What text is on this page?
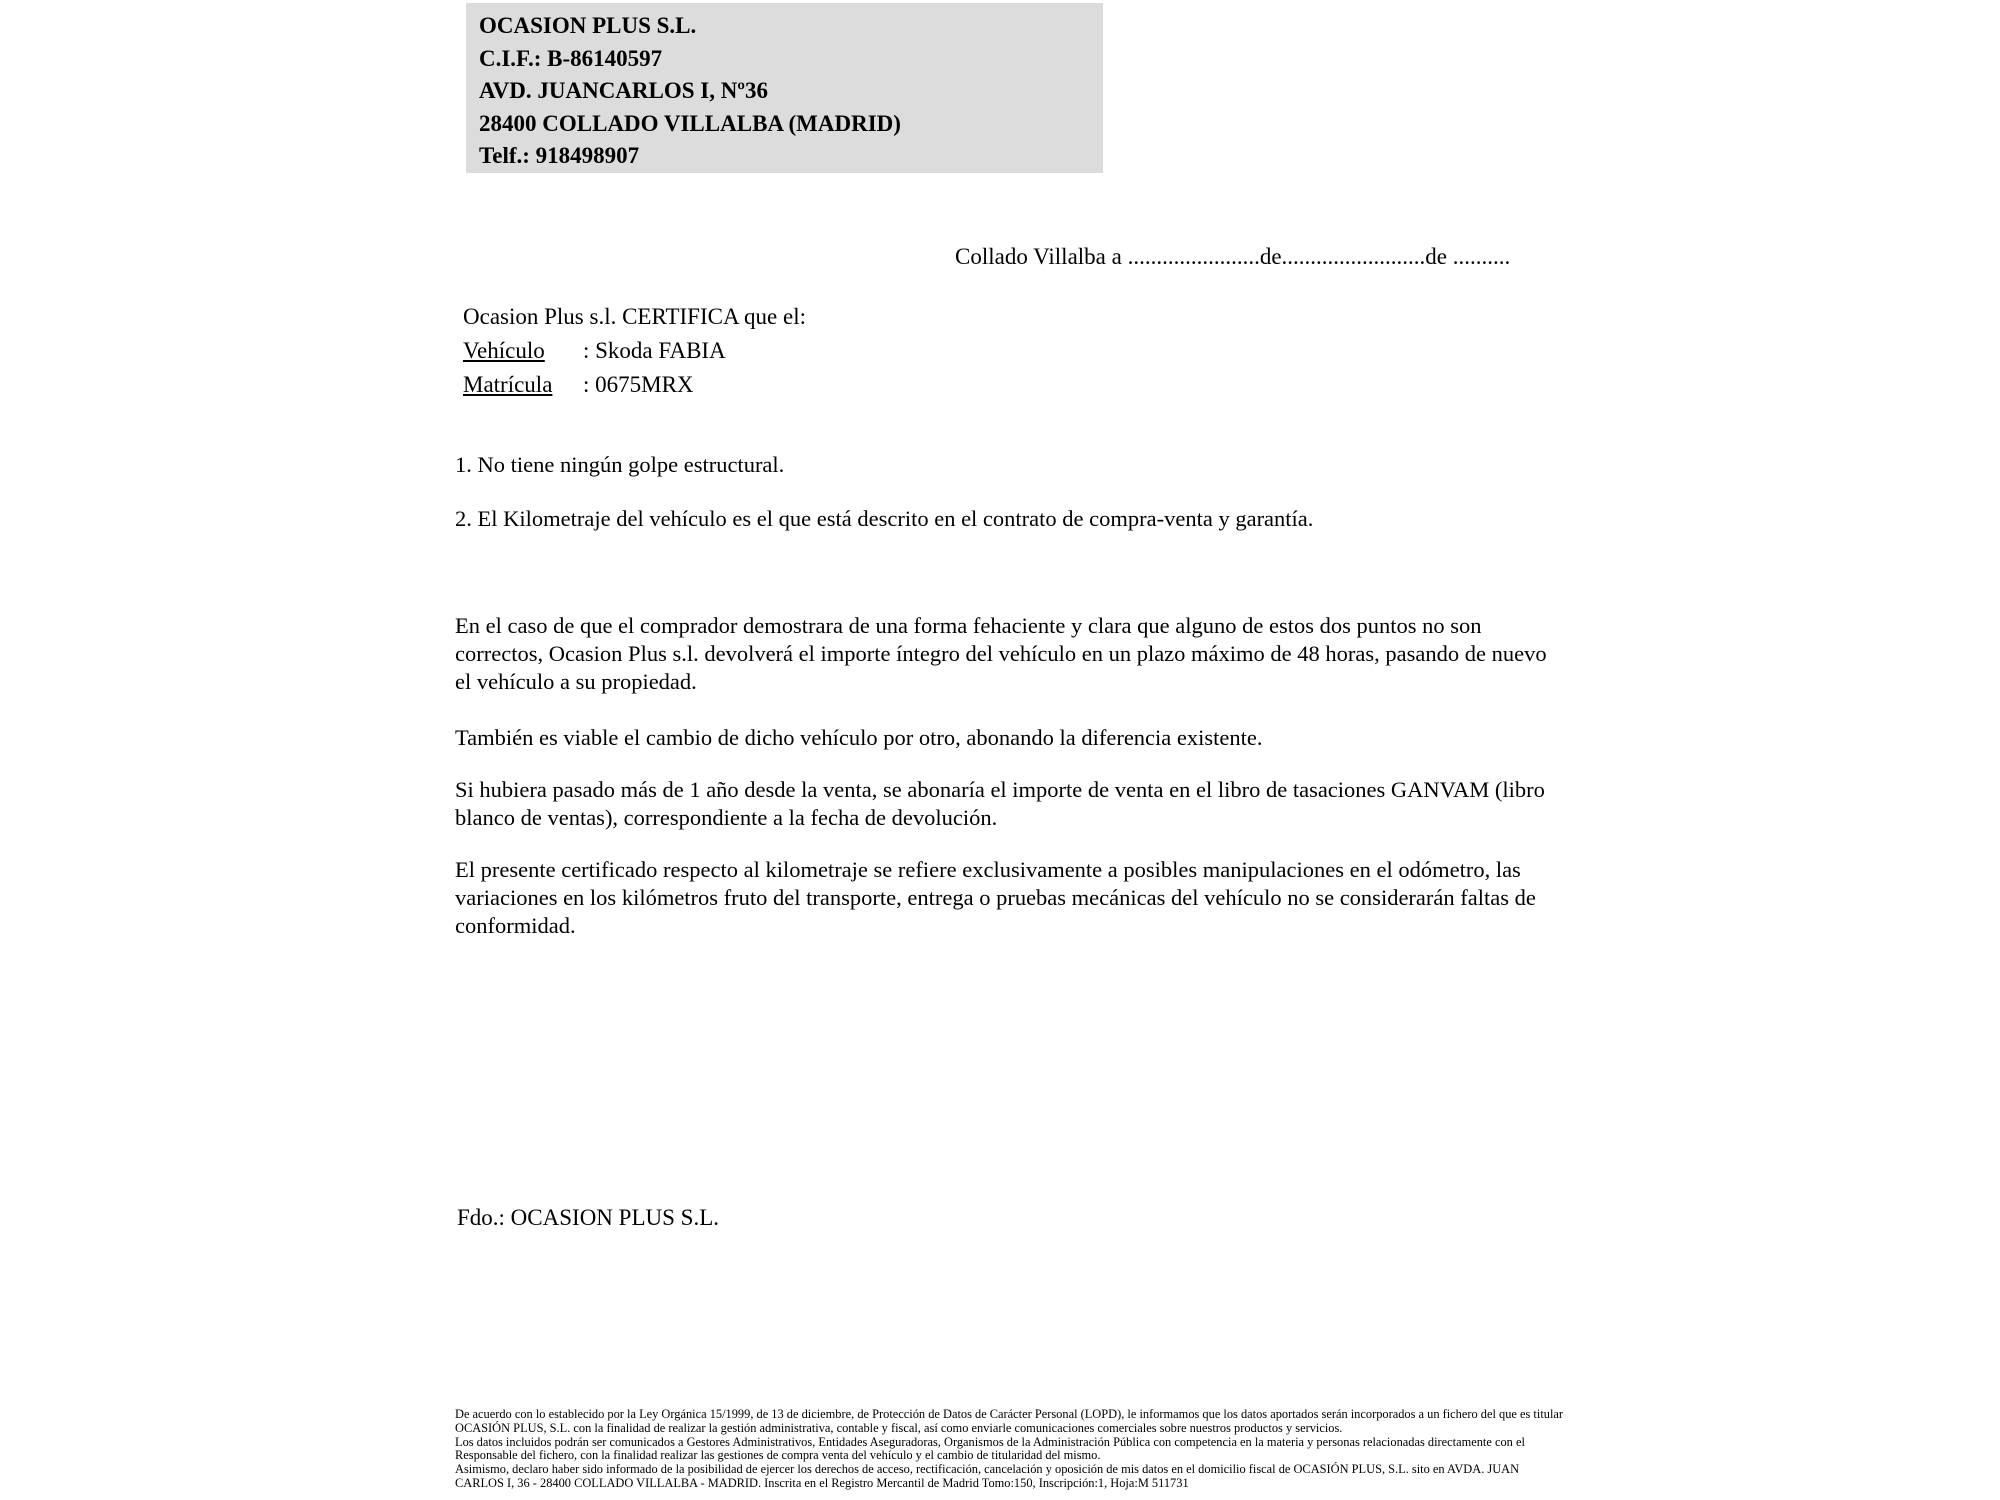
OCASION PLUS S.L.
C.I.F.: B-86140597
AVD. JUANCARLOS I, Nº36
28400 COLLADO VILLALBA (MADRID)
Telf.: 918498907
Collado Villalba a .......................de.........................de ..........
Ocasion Plus s.l. CERTIFICA que el:
Vehículo	: Skoda FABIA
Matrícula	: 0675MRX
1. No tiene ningún golpe estructural.
2. El Kilometraje del vehículo es el que está descrito en el contrato de compra-venta y garantía.
En el caso de que el comprador demostrara de una forma fehaciente y clara que alguno de estos dos puntos no son correctos, Ocasion Plus s.l. devolverá el importe íntegro del vehículo en un plazo máximo de 48 horas, pasando de nuevo el vehículo a su propiedad.
También es viable el cambio de dicho vehículo por otro, abonando la diferencia existente.
Si hubiera pasado más de 1 año desde la venta, se abonaría el importe de venta en el libro de tasaciones GANVAM (libro blanco de ventas), correspondiente a la fecha de devolución.
El presente certificado respecto al kilometraje se refiere exclusivamente a posibles manipulaciones en el odómetro, las variaciones en los kilómetros fruto del transporte, entrega o pruebas mecánicas del vehículo no se considerarán faltas de conformidad.
Fdo.: OCASION PLUS S.L.
De acuerdo con lo establecido por la Ley Orgánica 15/1999, de 13 de diciembre, de Protección de Datos de Carácter Personal (LOPD), le informamos que los datos aportados serán incorporados a un fichero del que es titular
OCASIÓN PLUS, S.L. con la finalidad de realizar la gestión administrativa, contable y fiscal, así como enviarle comunicaciones comerciales sobre nuestros productos y servicios.
Los datos incluidos podrán ser comunicados a Gestores Administrativos, Entidades Aseguradoras, Organismos de la Administración Pública con competencia en la materia y personas relacionadas directamente con el
Responsable del fichero, con la finalidad realizar las gestiones de compra venta del vehículo y el cambio de titularidad del mismo.
Asimismo, declaro haber sido informado de la posibilidad de ejercer los derechos de acceso, rectificación, cancelación y oposición de mis datos en el domicilio fiscal de OCASIÓN PLUS, S.L. sito en AVDA. JUAN
CARLOS I, 36 - 28400 COLLADO VILLALBA - MADRID. Inscrita en el Registro Mercantil de Madrid Tomo:150, Inscripción:1, Hoja:M 511731
